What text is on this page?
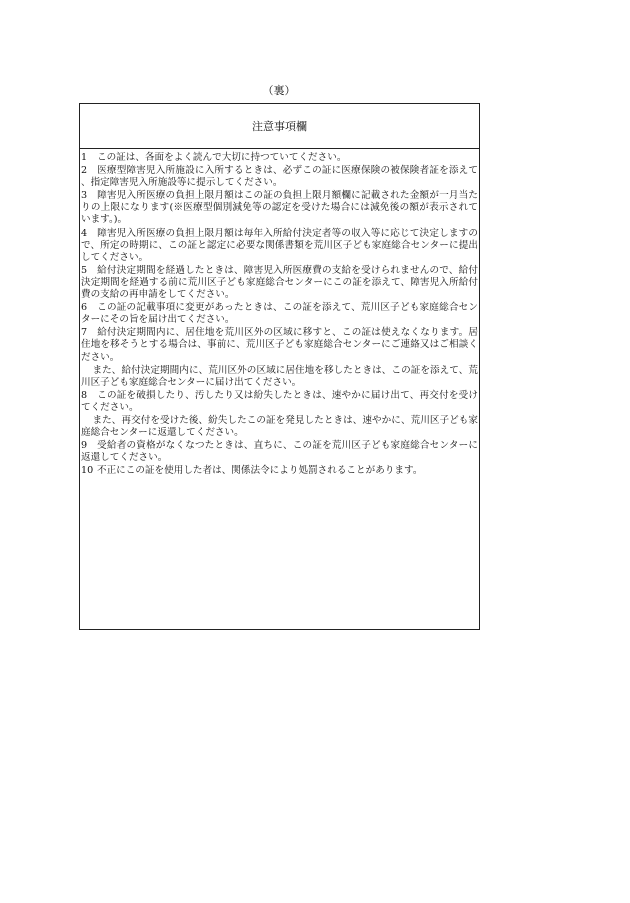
（裏）
注意事項欄

1 この証は、各面をよく読んで大切に持つていてください。

2 医療型障害児入所施設に入所するときは、必ずこの証に医療保険の被保険者証を添えて、指定障害児入所施設等に提示してください。

3 障害児入所医療の負担上限月額はこの証の負担上限月額欄に記載された金額が一月当たりの上限になります(※医療型個別減免等の認定を受けた場合には減免後の額が表示されています。)。

4 障害児入所医療の負担上限月額は毎年入所給付決定者等の収入等に応じて決定しますので、所定の時期に、この証と認定に必要な関係書類を荒川区子ども家庭総合センターに提出してください。

5 給付決定期間を経過したときは、障害児入所医療費の支給を受けられませんので、給付決定期間を経過する前に荒川区子ども家庭総合センターにこの証を添えて、障害児入所給付費の支給の再申請をしてください。

6 この証の記載事項に変更があったときは、この証を添えて、荒川区子ども家庭総合センターにその旨を届け出てください。

7 給付決定期間内に、居住地を荒川区外の区域に移すと、この証は使えなくなります。居住地を移そうとする場合は、事前に、荒川区子ども家庭総合センターにご連絡又はご相談ください。

また、給付決定期間内に、荒川区外の区域に居住地を移したときは、この証を添えて、荒川区子ども家庭総合センターに届け出てください。

8 この証を破損したり、汚したり又は紛失したときは、速やかに届け出て、再交付を受けてください。

また、再交付を受けた後、紛失したこの証を発見したときは、速やかに、荒川区子ども家庭総合センターに返還してください。

9 受給者の資格がなくなつたときは、直ちに、この証を荒川区子ども家庭総合センターに返還してください。

10 不正にこの証を使用した者は、関係法令により処罰されることがあります。
